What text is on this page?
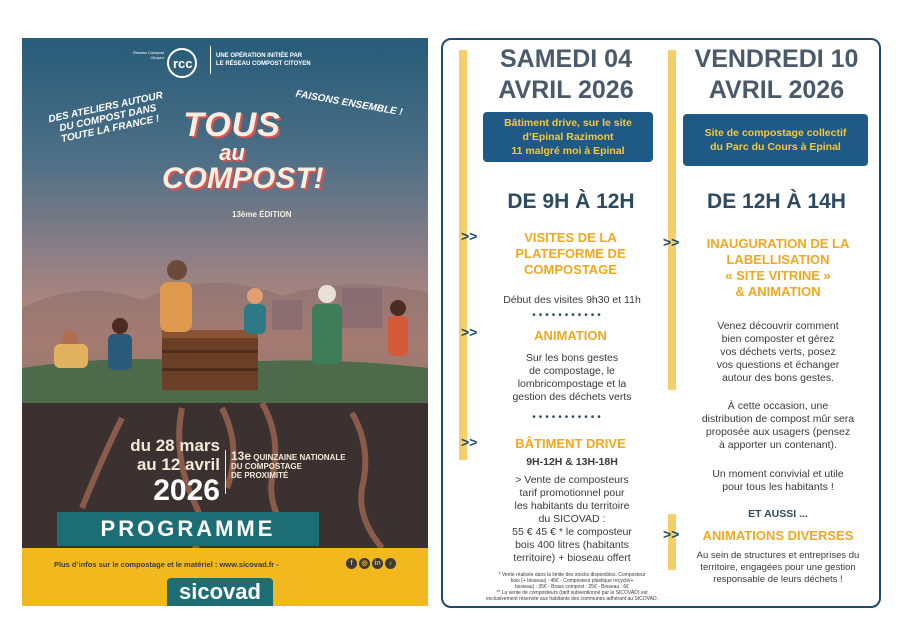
Réseau Compost Citoyen rcc	UNE OPÉRATION INITIÉE PAR
LE RÉSEAU COMPOST CITOYEN
DES ATELIERS AUTOUR DU COMPOST DANS TOUTE LA FRANCE !
FAISONS ENSEMBLE !
TOUS
au
COMPOST!
13ème ÉDITION
du 28 mars
au 12 avril
2026
13e QUINZAINE NATIONALE
DU COMPOSTAGE
DE PROXIMITÉ
PROGRAMME
Plus d’infos sur le compostage et le matériel : www.sicovad.fr -	f	◎ in	♪
sicovad
SAMEDI 04
AVRIL 2026
Bâtiment drive, sur le site
d’Epinal Razimont
11 malgré moi à Epinal
DE 9H À 12H
>>	VISITES DE LA
PLATEFORME DE
COMPOSTAGE
Début des visites 9h30 et 11h
•••••••••••
>>	ANIMATION
Sur les bons gestes
de compostage, le
lombricompostage et la
gestion des déchets verts
•••••••••••
>>	BÂTIMENT DRIVE
9H-12H & 13H-18H
> Vente de composteurs
tarif promotionnel pour
les habitants du territoire
du SICOVAD :
55 € 45 € * le composteur
bois 400 litres (habitants
territoire) + bioseau offert
* Vente réalisée dans la limite des stocks disponibles. Composteur
bois (+ bioseau) : 45€ - Composteur plastique recyclé/+
bioseau) : 35€ - Brass compost : 25€ - Bioseau : 6€
** La vente de composteurs (tarif subventionné par le SICOVAD) est
exclusivement réservée aux habitants des communes adhérant au SICOVAD.
VENDREDI 10
AVRIL 2026
Site de compostage collectif
du Parc du Cours à Epinal
DE 12H À 14H
>>	INAUGURATION DE LA
LABELLISATION
« SITE VITRINE »
& ANIMATION
Venez découvrir comment
bien composter et gérez
vos déchets verts, posez
vos questions et échanger
autour des bons gestes.
À cette occasion, une
distribution de compost mûr sera
proposée aux usagers (pensez
à apporter un contenant).
Un moment convivial et utile
pour tous les habitants !
ET AUSSI ...
>>	ANIMATIONS DIVERSES
Au sein de structures et entreprises du
territoire, engagées pour une gestion
responsable de leurs déchets !
